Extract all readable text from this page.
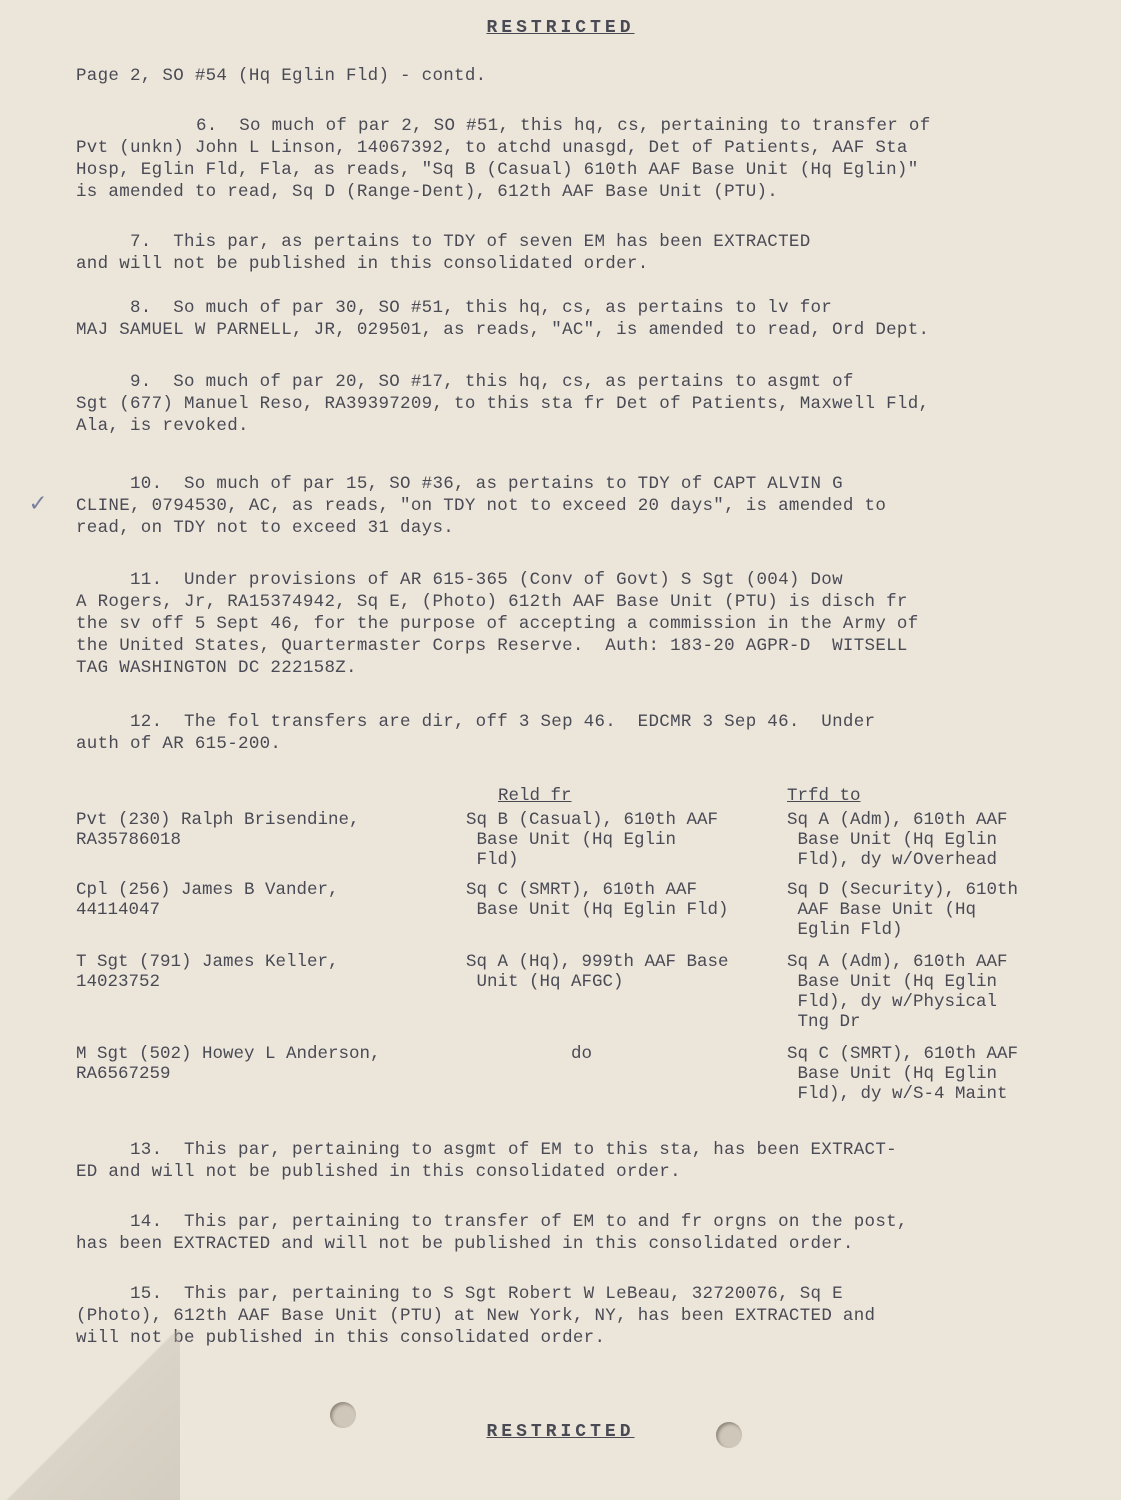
RESTRICTED
Page 2, SO #54 (Hq Eglin Fld) - contd.
6.  So much of par 2, SO #51, this hq, cs, pertaining to transfer of
Pvt (unkn) John L Linson, 14067392, to atchd unasgd, Det of Patients, AAF Sta
Hosp, Eglin Fld, Fla, as reads, "Sq B (Casual) 610th AAF Base Unit (Hq Eglin)"
is amended to read, Sq D (Range-Dent), 612th AAF Base Unit (PTU).
7.  This par, as pertains to TDY of seven EM has been EXTRACTED
and will not be published in this consolidated order.
8.  So much of par 30, SO #51, this hq, cs, as pertains to lv for
MAJ SAMUEL W PARNELL, JR, 029501, as reads, "AC", is amended to read, Ord Dept.
9.  So much of par 20, SO #17, this hq, cs, as pertains to asgmt of
Sgt (677) Manuel Reso, RA39397209, to this sta fr Det of Patients, Maxwell Fld,
Ala, is revoked.
✓
10.  So much of par 15, SO #36, as pertains to TDY of CAPT ALVIN G
CLINE, 0794530, AC, as reads, "on TDY not to exceed 20 days", is amended to
read, on TDY not to exceed 31 days.
11.  Under provisions of AR 615-365 (Conv of Govt) S Sgt (004) Dow
A Rogers, Jr, RA15374942, Sq E, (Photo) 612th AAF Base Unit (PTU) is disch fr
the sv off 5 Sept 46, for the purpose of accepting a commission in the Army of
the United States, Quartermaster Corps Reserve.  Auth: 183-20 AGPR-D  WITSELL
TAG WASHINGTON DC 222158Z.
12.  The fol transfers are dir, off 3 Sep 46.  EDCMR 3 Sep 46.  Under
auth of AR 615-200.
Reld fr	Trfd to
Pvt (230) Ralph Brisendine,
RA35786018
Sq B (Casual), 610th AAF
Base Unit (Hq Eglin
Fld)
Sq A (Adm), 610th AAF
Base Unit (Hq Eglin
Fld), dy w/Overhead
Cpl (256) James B Vander,
44114047
Sq C (SMRT), 610th AAF
Base Unit (Hq Eglin Fld)
Sq D (Security), 610th
AAF Base Unit (Hq
Eglin Fld)
T Sgt (791) James Keller,
14023752
Sq A (Hq), 999th AAF Base
Unit (Hq AFGC)
Sq A (Adm), 610th AAF
Base Unit (Hq Eglin
Fld), dy w/Physical
Tng Dr
M Sgt (502) Howey L Anderson,
RA6567259
do	Sq C (SMRT), 610th AAF
Base Unit (Hq Eglin
Fld), dy w/S-4 Maint
13.  This par, pertaining to asgmt of EM to this sta, has been EXTRACT-
ED and will not be published in this consolidated order.
14.  This par, pertaining to transfer of EM to and fr orgns on the post,
has been EXTRACTED and will not be published in this consolidated order.
15.  This par, pertaining to S Sgt Robert W LeBeau, 32720076, Sq E
(Photo), 612th AAF Base Unit (PTU) at New York, NY, has been EXTRACTED and
will not be published in this consolidated order.
RESTRICTED
